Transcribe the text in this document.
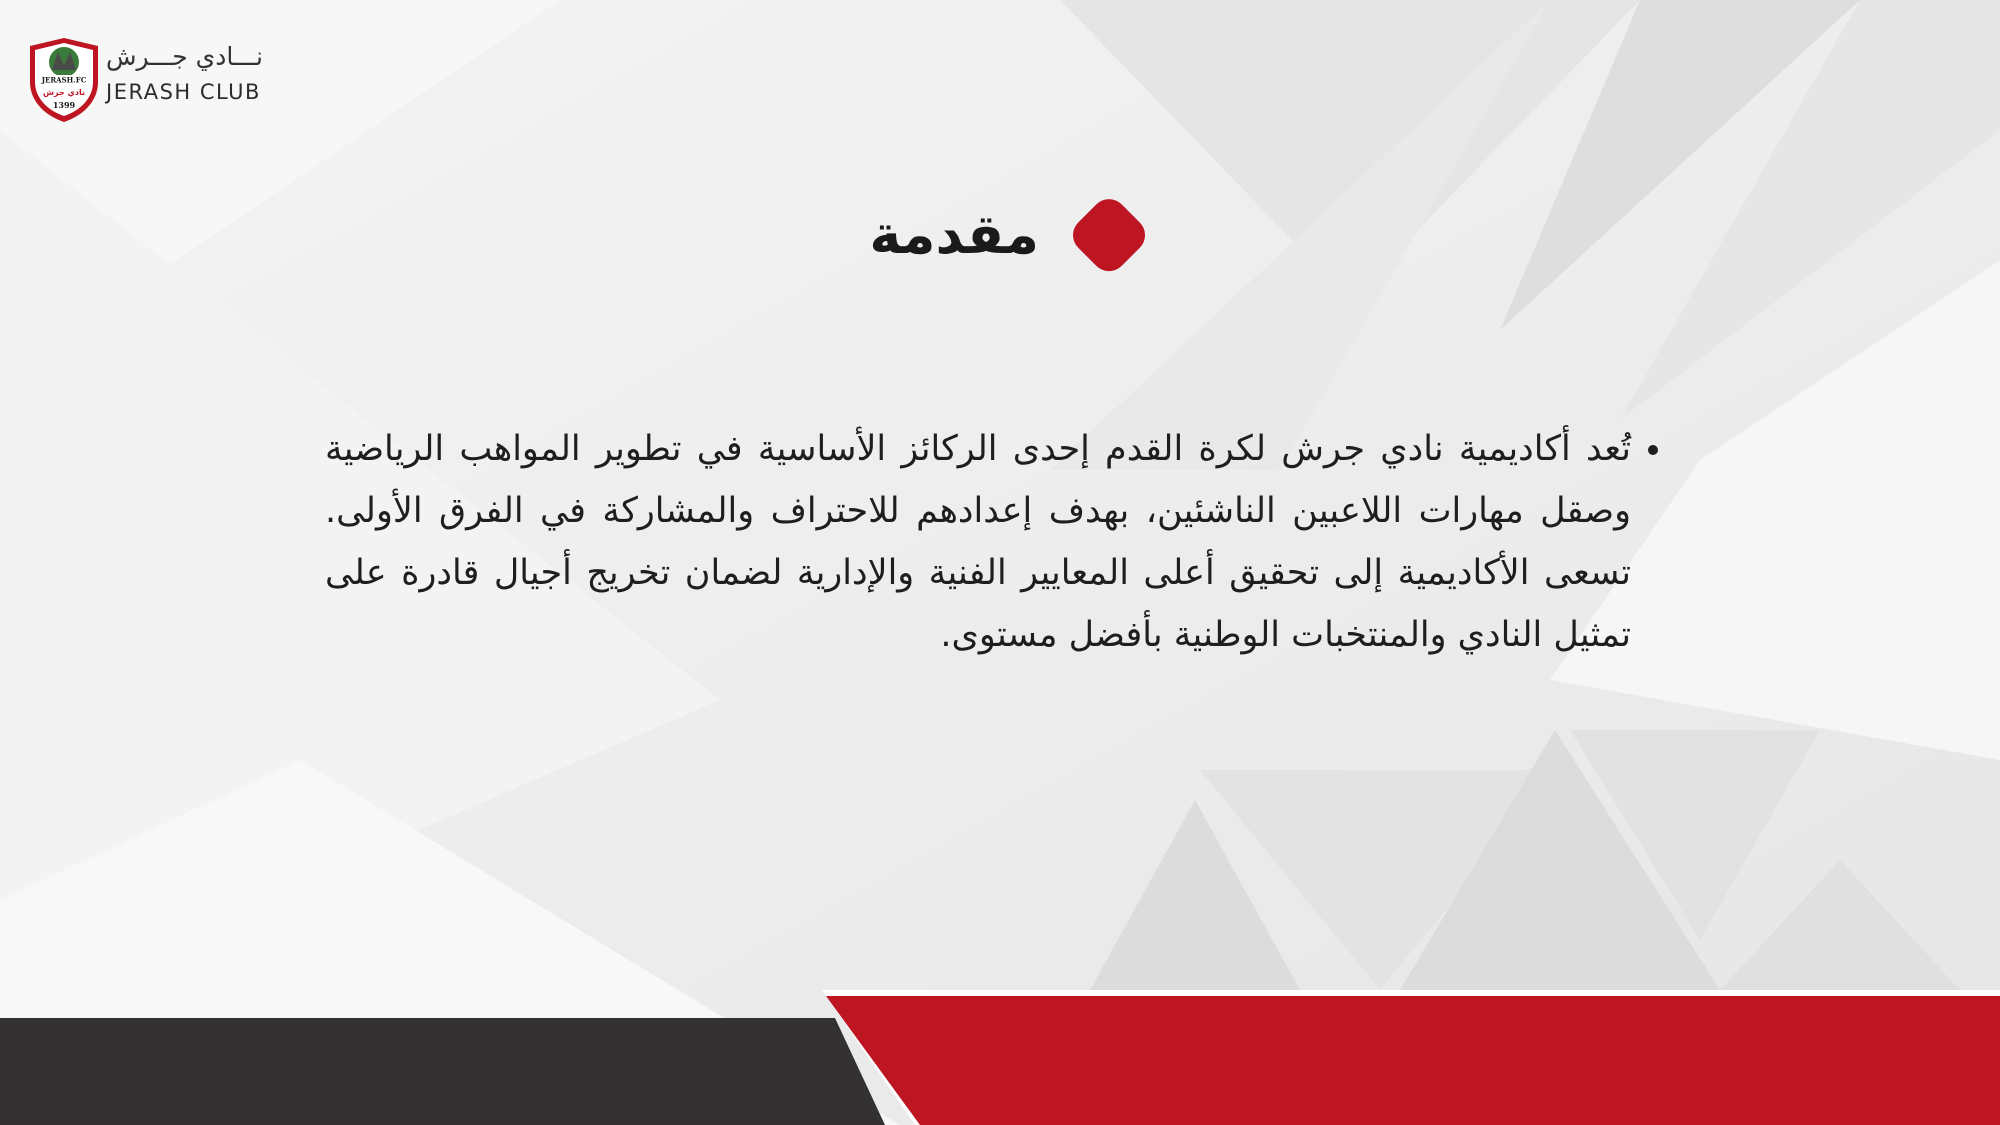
JERASH.FC
نادي جرش
1399
نـــادي جـــرش
JERASH CLUB
مقدمة
• تُعد أكاديمية نادي جرش لكرة القدم إحدى الركائز الأساسية في تطوير المواهب الرياضية وصقل مهارات اللاعبين الناشئين، بهدف إعدادهم للاحتراف والمشاركة في الفرق الأولى. تسعى الأكاديمية إلى تحقيق أعلى المعايير الفنية والإدارية لضمان تخريج أجيال قادرة على تمثيل النادي والمنتخبات الوطنية بأفضل مستوى.
